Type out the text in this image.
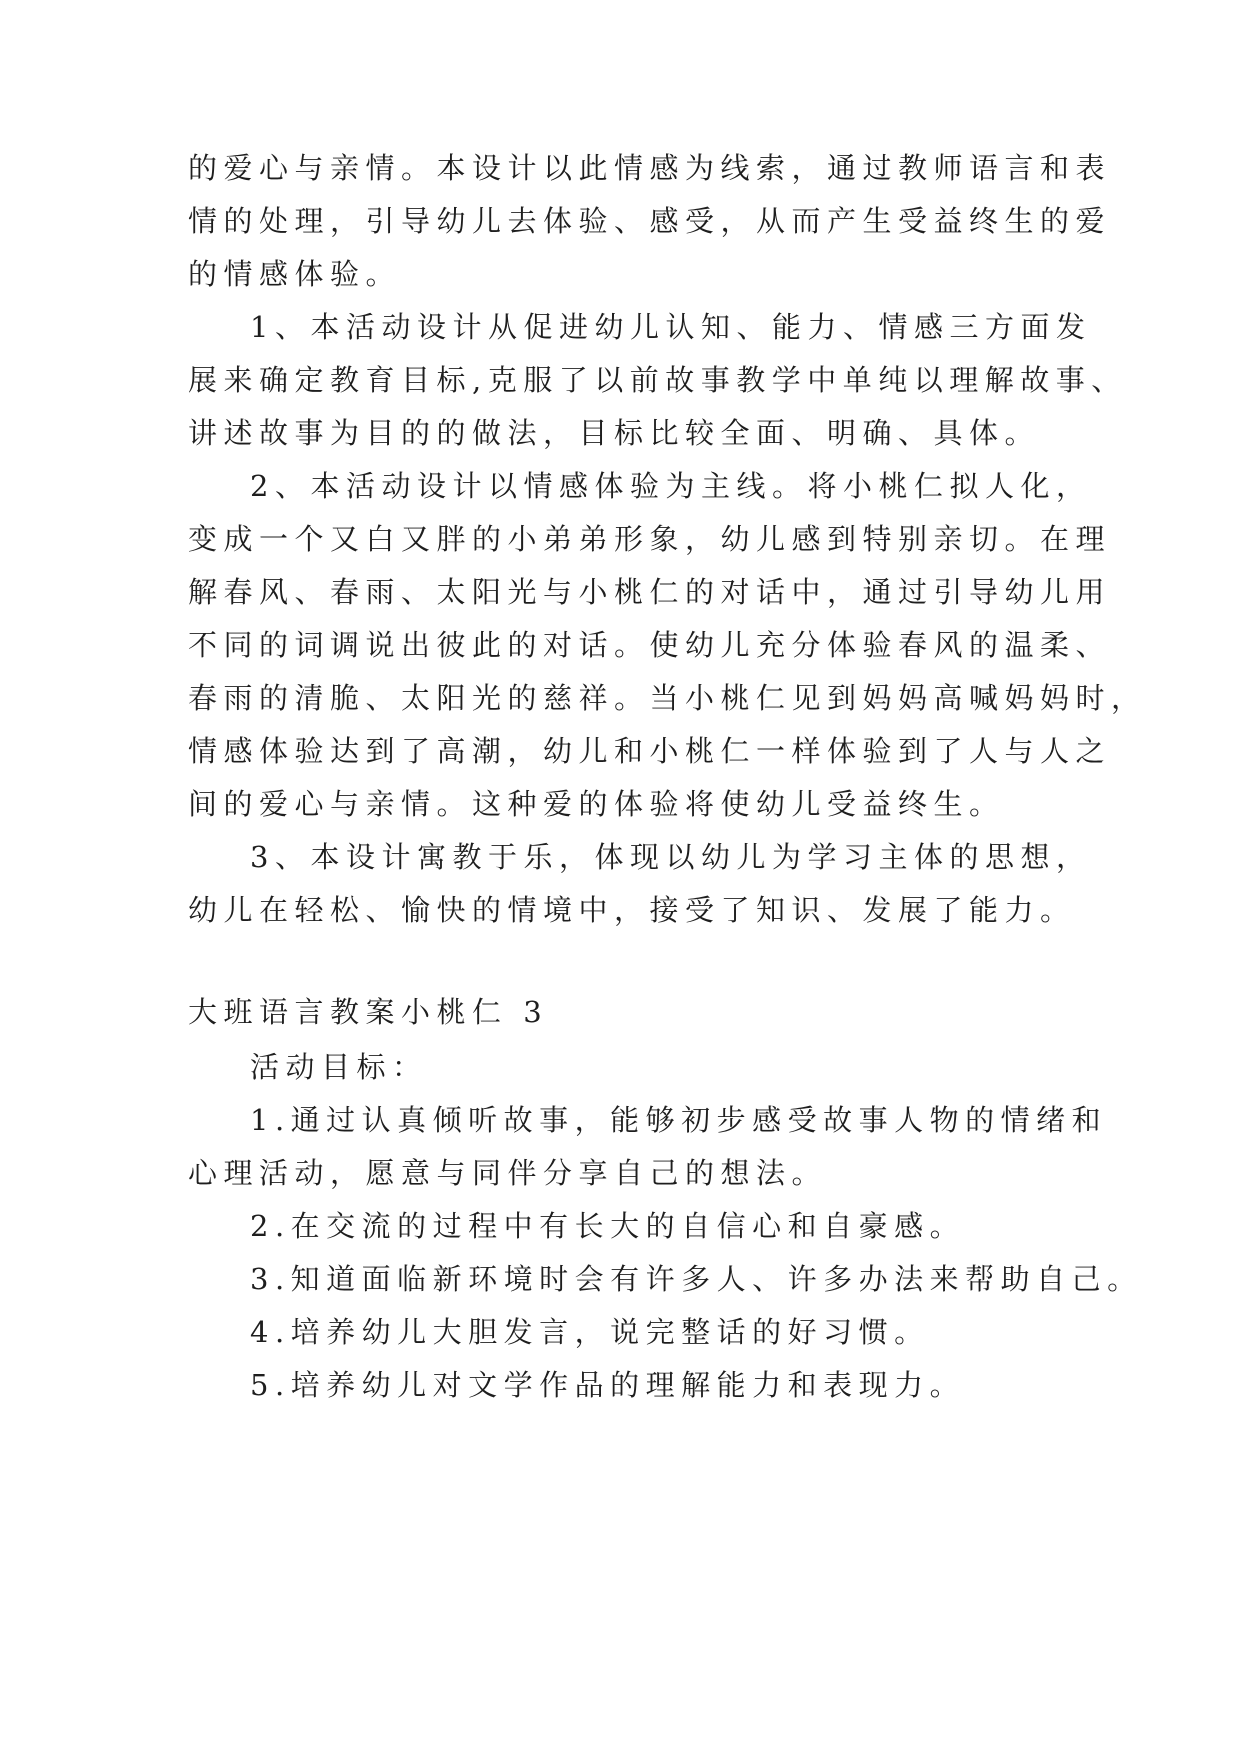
的爱心与亲情。本设计以此情感为线索，通过教师语言和表
情的处理，引导幼儿去体验、感受，从而产生受益终生的爱
的情感体验。
1、本活动设计从促进幼儿认知、能力、情感三方面发
展来确定教育目标,克服了以前故事教学中单纯以理解故事、
讲述故事为目的的做法，目标比较全面、明确、具体。
2、本活动设计以情感体验为主线。将小桃仁拟人化，
变成一个又白又胖的小弟弟形象，幼儿感到特别亲切。在理
解春风、春雨、太阳光与小桃仁的对话中，通过引导幼儿用
不同的词调说出彼此的对话。使幼儿充分体验春风的温柔、
春雨的清脆、太阳光的慈祥。当小桃仁见到妈妈高喊妈妈时，
情感体验达到了高潮，幼儿和小桃仁一样体验到了人与人之
间的爱心与亲情。这种爱的体验将使幼儿受益终生。
3、本设计寓教于乐，体现以幼儿为学习主体的思想，
幼儿在轻松、愉快的情境中，接受了知识、发展了能力。
大班语言教案小桃仁 3
活动目标：
1.通过认真倾听故事，能够初步感受故事人物的情绪和
心理活动，愿意与同伴分享自己的想法。
2.在交流的过程中有长大的自信心和自豪感。
3.知道面临新环境时会有许多人、许多办法来帮助自己。
4.培养幼儿大胆发言，说完整话的好习惯。
5.培养幼儿对文学作品的理解能力和表现力。
